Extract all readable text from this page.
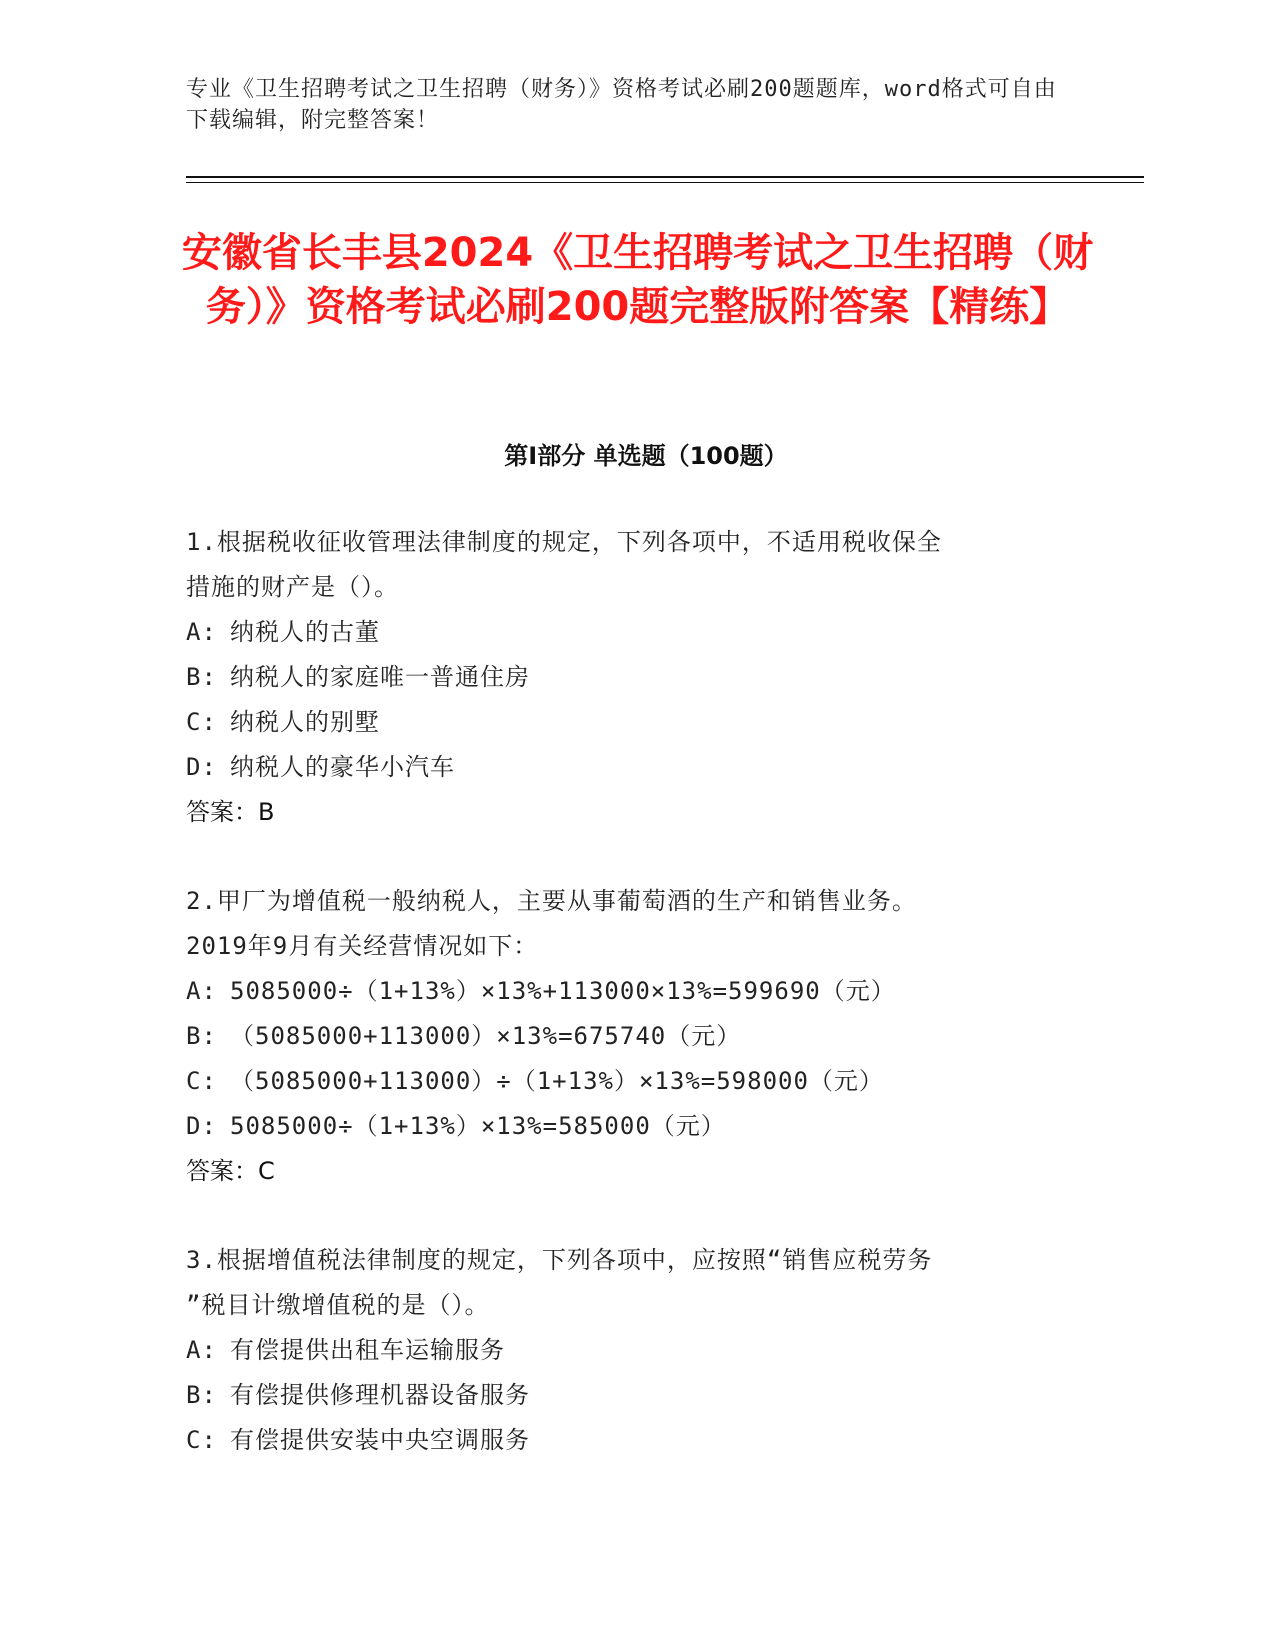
专业《卫生招聘考试之卫生招聘（财务）》资格考试必刷200题题库，word格式可自由下载编辑，附完整答案！
安徽省长丰县2024《卫生招聘考试之卫生招聘（财务）》资格考试必刷200题完整版附答案【精练】
第Ⅰ部分 单选题（100题）
1.根据税收征收管理法律制度的规定，下列各项中，不适用税收保全
措施的财产是（）。
A: 纳税人的古董
B: 纳税人的家庭唯一普通住房
C: 纳税人的别墅
D: 纳税人的豪华小汽车
答案：B
2.甲厂为增值税一般纳税人，主要从事葡萄酒的生产和销售业务。
2019年9月有关经营情况如下：
A: 5085000÷（1+13%）×13%+113000×13%=599690（元）
B: （5085000+113000）×13%=675740（元）
C: （5085000+113000）÷（1+13%）×13%=598000（元）
D: 5085000÷（1+13%）×13%=585000（元）
答案：C
3.根据增值税法律制度的规定，下列各项中，应按照“销售应税劳务
”税目计缴增值税的是（）。
A: 有偿提供出租车运输服务
B: 有偿提供修理机器设备服务
C: 有偿提供安装中央空调服务
